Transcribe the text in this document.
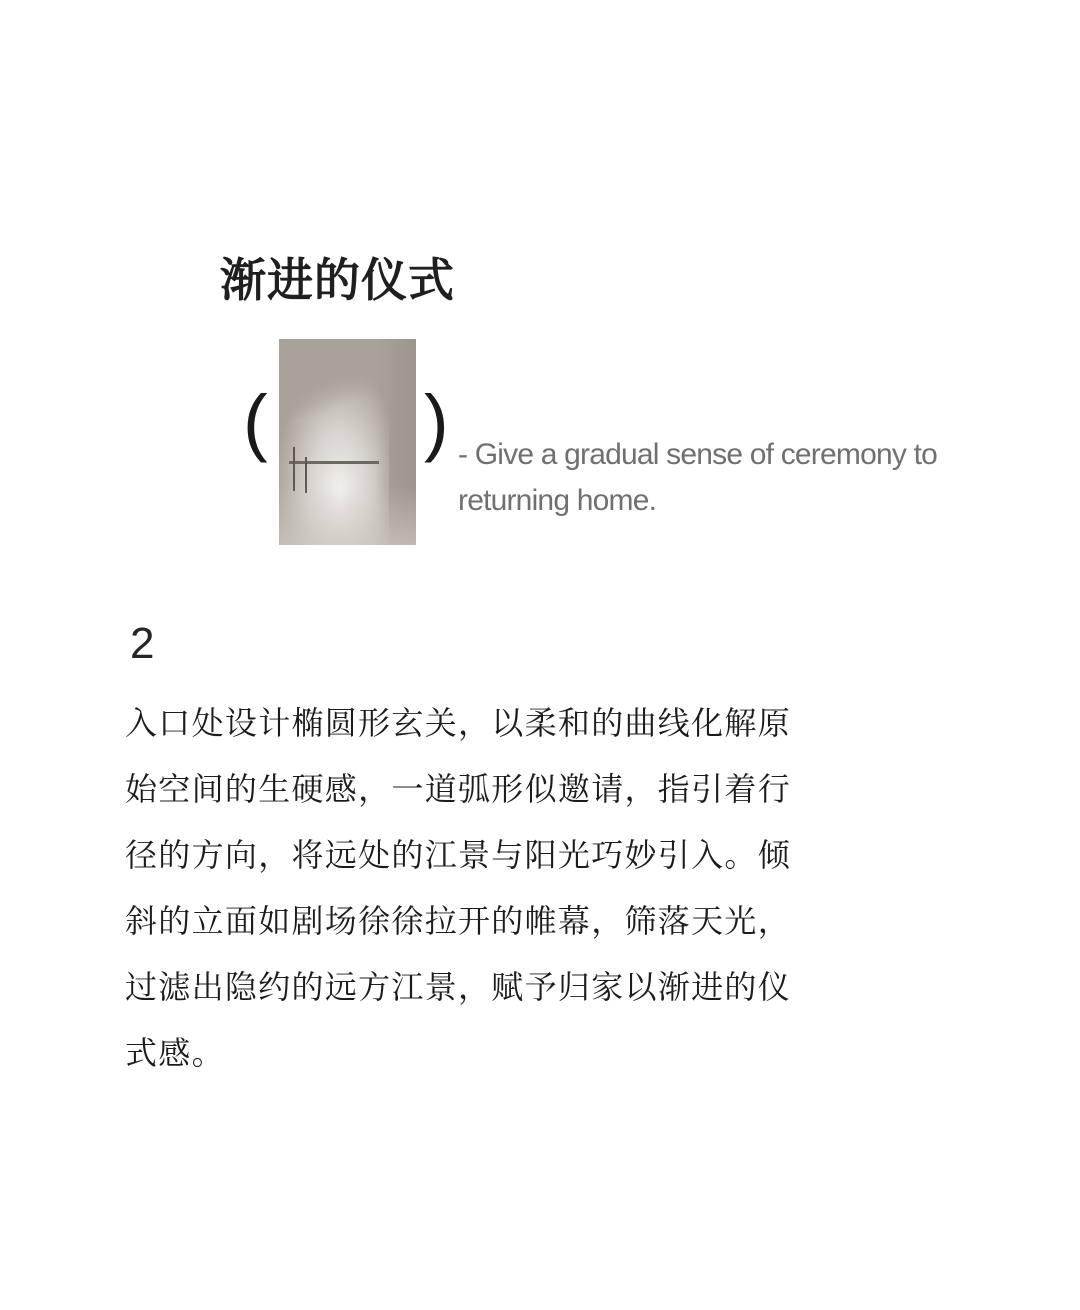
渐进的仪式
( ) - Give a gradual sense of ceremony to returning home.
2
入口处设计椭圆形玄关，以柔和的曲线化解原
始空间的生硬感，一道弧形似邀请，指引着行
径的方向，将远处的江景与阳光巧妙引入。倾
斜的立面如剧场徐徐拉开的帷幕，筛落天光，
过滤出隐约的远方江景，赋予归家以渐进的仪
式感。
